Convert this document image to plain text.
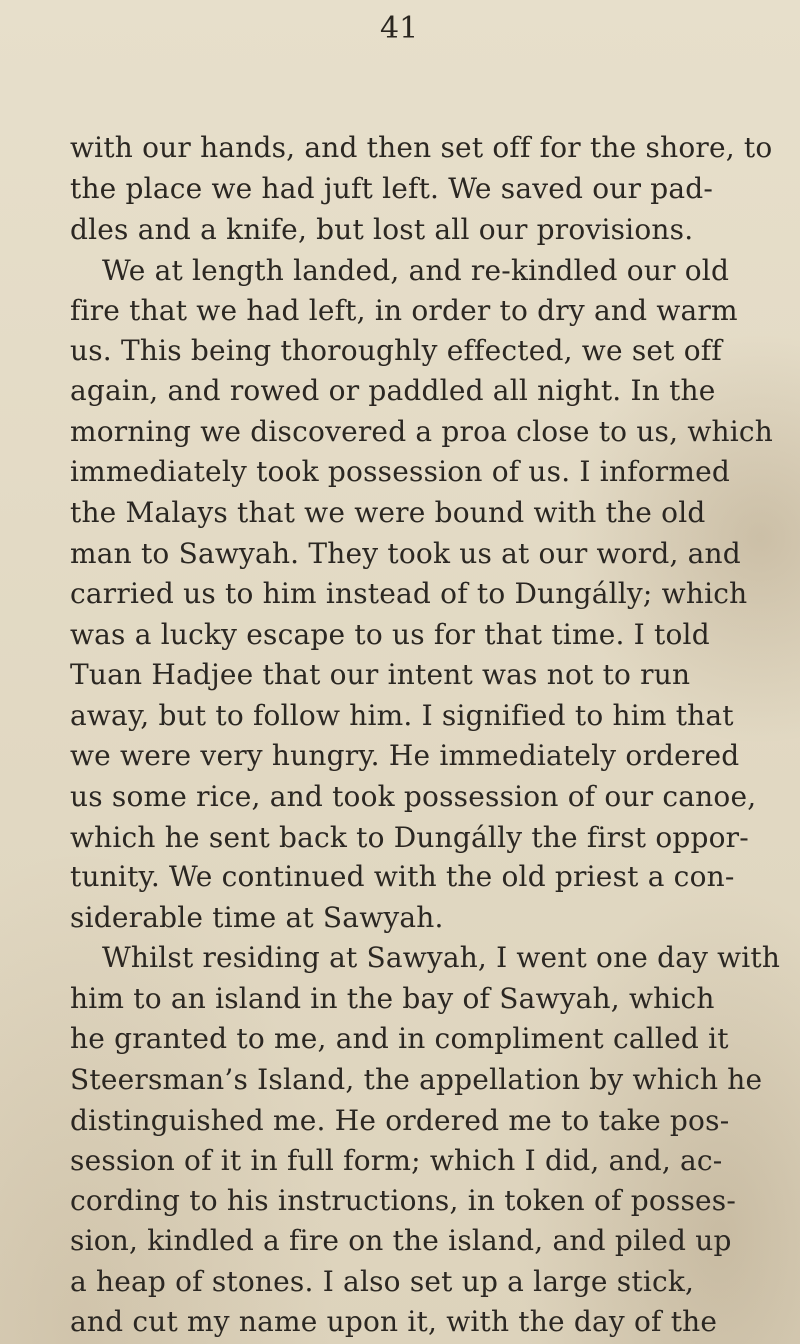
41
with our hands, and then set off for the shore, to
the place we had juft left. We saved our pad-
dles and a knife, but lost all our provisions.
We at length landed, and re-kindled our old
fire that we had left, in order to dry and warm
us. This being thoroughly effected, we set off
again, and rowed or paddled all night. In the
morning we discovered a proa close to us, which
immediately took possession of us. I informed
the Malays that we were bound with the old
man to Sawyah. They took us at our word, and
carried us to him instead of to Dungálly; which
was a lucky escape to us for that time. I told
Tuan Hadjee that our intent was not to run
away, but to follow him. I signified to him that
we were very hungry. He immediately ordered
us some rice, and took possession of our canoe,
which he sent back to Dungálly the first oppor-
tunity. We continued with the old priest a con-
siderable time at Sawyah.
Whilst residing at Sawyah, I went one day with
him to an island in the bay of Sawyah, which
he granted to me, and in compliment called it
Steersman’s Island, the appellation by which he
distinguished me. He ordered me to take pos-
session of it in full form; which I did, and, ac-
cording to his instructions, in token of posses-
sion, kindled a fire on the island, and piled up
a heap of stones. I also set up a large stick,
and cut my name upon it, with the day of the
